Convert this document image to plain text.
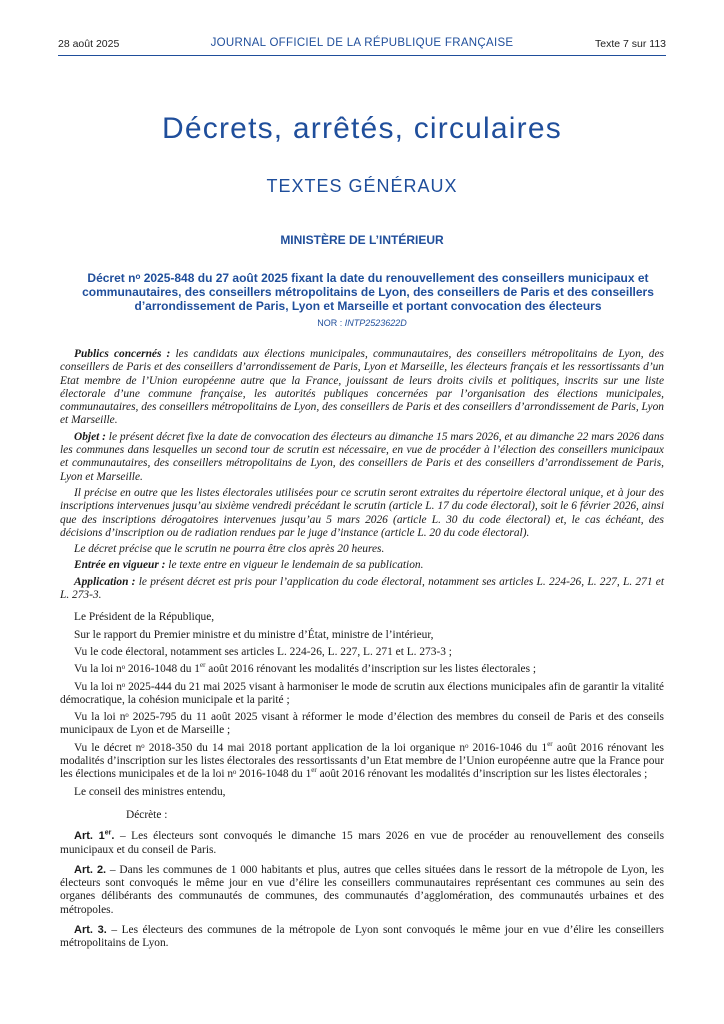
28 août 2025	JOURNAL OFFICIEL DE LA RÉPUBLIQUE FRANÇAISE	Texte 7 sur 113
Décrets, arrêtés, circulaires
TEXTES GÉNÉRAUX
MINISTÈRE DE L’INTÉRIEUR
Décret nᵒ 2025-848 du 27 août 2025 fixant la date du renouvellement des conseillers municipaux et communautaires, des conseillers métropolitains de Lyon, des conseillers de Paris et des conseillers d’arrondissement de Paris, Lyon et Marseille et portant convocation des électeurs
NOR : INTP2523622D

Publics concernés : les candidats aux élections municipales, communautaires, des conseillers métropolitains de Lyon, des conseillers de Paris et des conseillers d’arrondissement de Paris, Lyon et Marseille, les électeurs français et les ressortissants d’un Etat membre de l’Union européenne autre que la France, jouissant de leurs droits civils et politiques, inscrits sur une liste électorale d’une commune française, les autorités publiques concernées par l’organisation des élections municipales, communautaires, des conseillers métropolitains de Lyon, des conseillers de Paris et des conseillers d’arrondissement de Paris, Lyon et Marseille.

Objet : le présent décret fixe la date de convocation des électeurs au dimanche 15 mars 2026, et au dimanche 22 mars 2026 dans les communes dans lesquelles un second tour de scrutin est nécessaire, en vue de procéder à l’élection des conseillers municipaux et communautaires, des conseillers métropolitains de Lyon, des conseillers de Paris et des conseillers d’arrondissement de Paris, Lyon et Marseille.

Il précise en outre que les listes électorales utilisées pour ce scrutin seront extraites du répertoire électoral unique, et à jour des inscriptions intervenues jusqu’au sixième vendredi précédant le scrutin (article L. 17 du code électoral), soit le 6 février 2026, ainsi que des inscriptions dérogatoires intervenues jusqu’au 5 mars 2026 (article L. 30 du code électoral) et, le cas échéant, des décisions d’inscription ou de radiation rendues par le juge d’instance (article L. 20 du code électoral).

Le décret précise que le scrutin ne pourra être clos après 20 heures.

Entrée en vigueur : le texte entre en vigueur le lendemain de sa publication.

Application : le présent décret est pris pour l’application du code électoral, notamment ses articles L. 224-26, L. 227, L. 271 et L. 273-3.

Le Président de la République,

Sur le rapport du Premier ministre et du ministre d’État, ministre de l’intérieur,

Vu le code électoral, notamment ses articles L. 224-26, L. 227, L. 271 et L. 273-3 ;

Vu la loi nᵒ 2016-1048 du 1er août 2016 rénovant les modalités d’inscription sur les listes électorales ;

Vu la loi nᵒ 2025-444 du 21 mai 2025 visant à harmoniser le mode de scrutin aux élections municipales afin de garantir la vitalité démocratique, la cohésion municipale et la parité ;

Vu la loi nᵒ 2025-795 du 11 août 2025 visant à réformer le mode d’élection des membres du conseil de Paris et des conseils municipaux de Lyon et de Marseille ;

Vu le décret nᵒ 2018-350 du 14 mai 2018 portant application de la loi organique nᵒ 2016-1046 du 1er août 2016 rénovant les modalités d’inscription sur les listes électorales des ressortissants d’un Etat membre de l’Union européenne autre que la France pour les élections municipales et de la loi nᵒ 2016-1048 du 1er août 2016 rénovant les modalités d’inscription sur les listes électorales ;

Le conseil des ministres entendu,

Décrète :

Art. 1er. – Les électeurs sont convoqués le dimanche 15 mars 2026 en vue de procéder au renouvellement des conseils municipaux et du conseil de Paris.

Art. 2. – Dans les communes de 1 000 habitants et plus, autres que celles situées dans le ressort de la métropole de Lyon, les électeurs sont convoqués le même jour en vue d’élire les conseillers communautaires représentant ces communes au sein des organes délibérants des communautés de communes, des communautés d’agglomération, des communautés urbaines et des métropoles.

Art. 3. – Les électeurs des communes de la métropole de Lyon sont convoqués le même jour en vue d’élire les conseillers métropolitains de Lyon.
